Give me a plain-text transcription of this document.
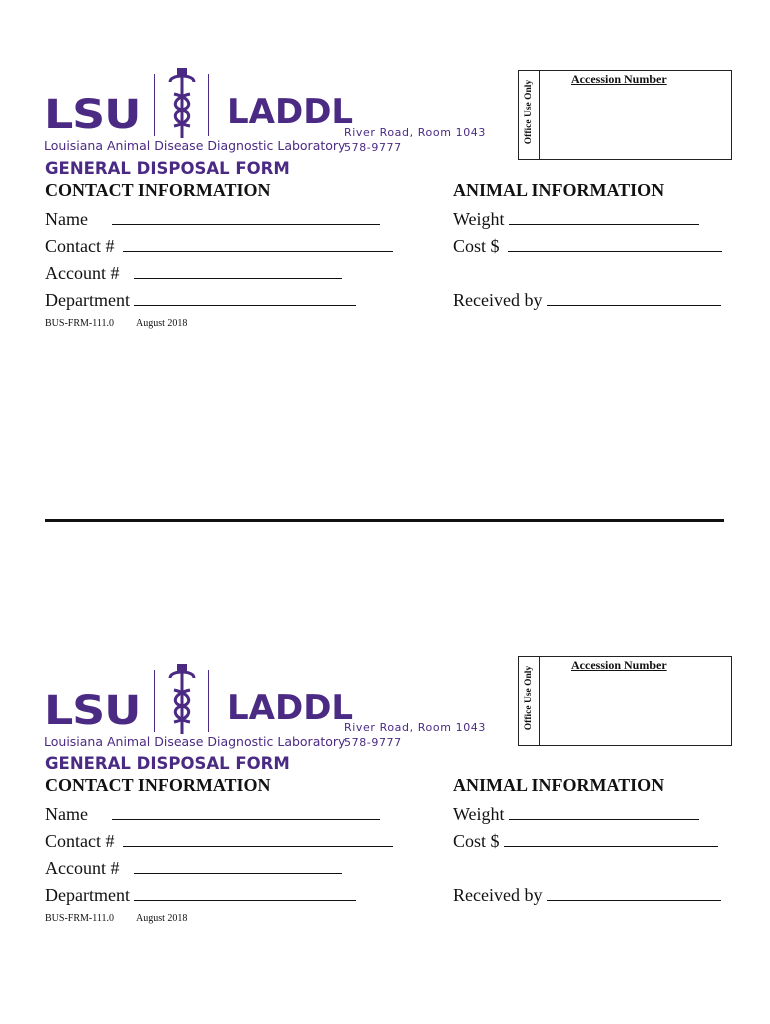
LSU	LADDL
Louisiana Animal Disease Diagnostic Laboratory
River Road, Room 1043
578-9777
Office Use Only
Accession Number
GENERAL DISPOSAL FORM
CONTACT INFORMATION	ANIMAL INFORMATION
Name
Contact #
Account #
Department
Weight
Cost $
Received by
BUS-FRM-111.0 August 2018
LSU	LADDL
Louisiana Animal Disease Diagnostic Laboratory
River Road, Room 1043
578-9777
Office Use Only
Accession Number
GENERAL DISPOSAL FORM
CONTACT INFORMATION	ANIMAL INFORMATION
Name
Contact #
Account #
Department
Weight
Cost $
Received by
BUS-FRM-111.0 August 2018
